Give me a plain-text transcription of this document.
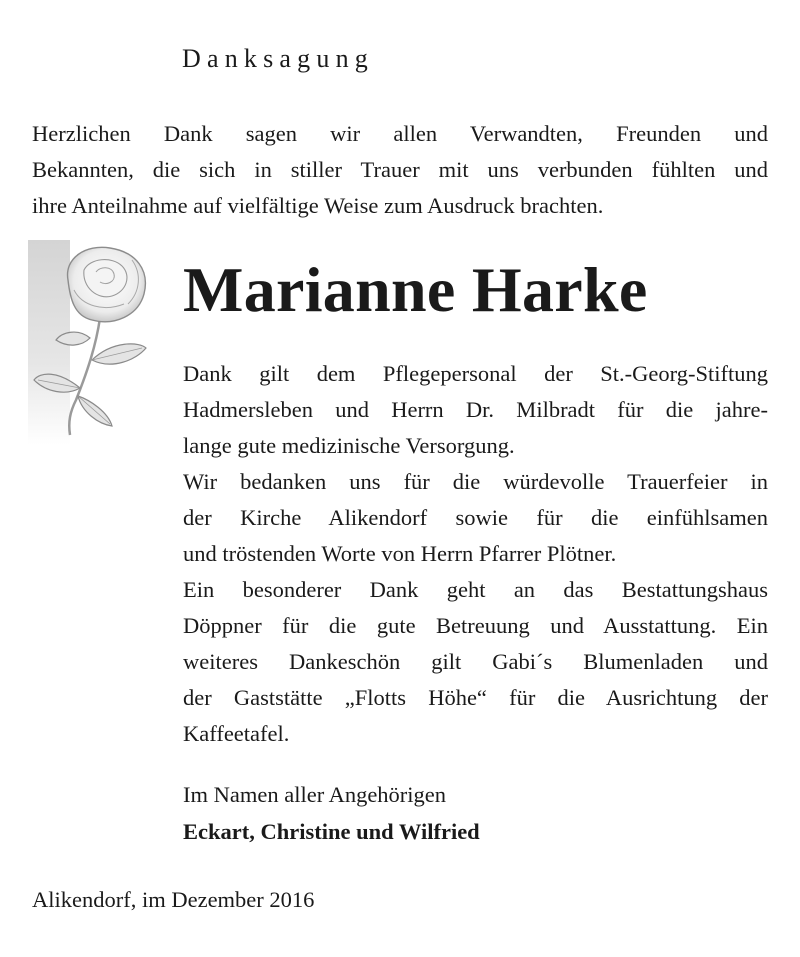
Danksagung
Herzlichen Dank sagen wir allen Verwandten, Freunden und
Bekannten, die sich in stiller Trauer mit uns verbunden fühlten und
ihre Anteilnahme auf vielfältige Weise zum Ausdruck brachten.
Marianne Harke
Dank gilt dem Pflegepersonal der St.-Georg-Stiftung
Hadmersleben und Herrn Dr. Milbradt für die jahre-
lange gute medizinische Versorgung.
Wir bedanken uns für die würdevolle Trauerfeier in
der Kirche Alikendorf sowie für die einfühlsamen
und tröstenden Worte von Herrn Pfarrer Plötner.
Ein besonderer Dank geht an das Bestattungshaus
Döppner für die gute Betreuung und Ausstattung. Ein
weiteres Dankeschön gilt Gabi´s Blumenladen und
der Gaststätte „Flotts Höhe“ für die Ausrichtung der
Kaffeetafel.
Im Namen aller Angehörigen
Eckart, Christine und Wilfried
Alikendorf, im Dezember 2016
